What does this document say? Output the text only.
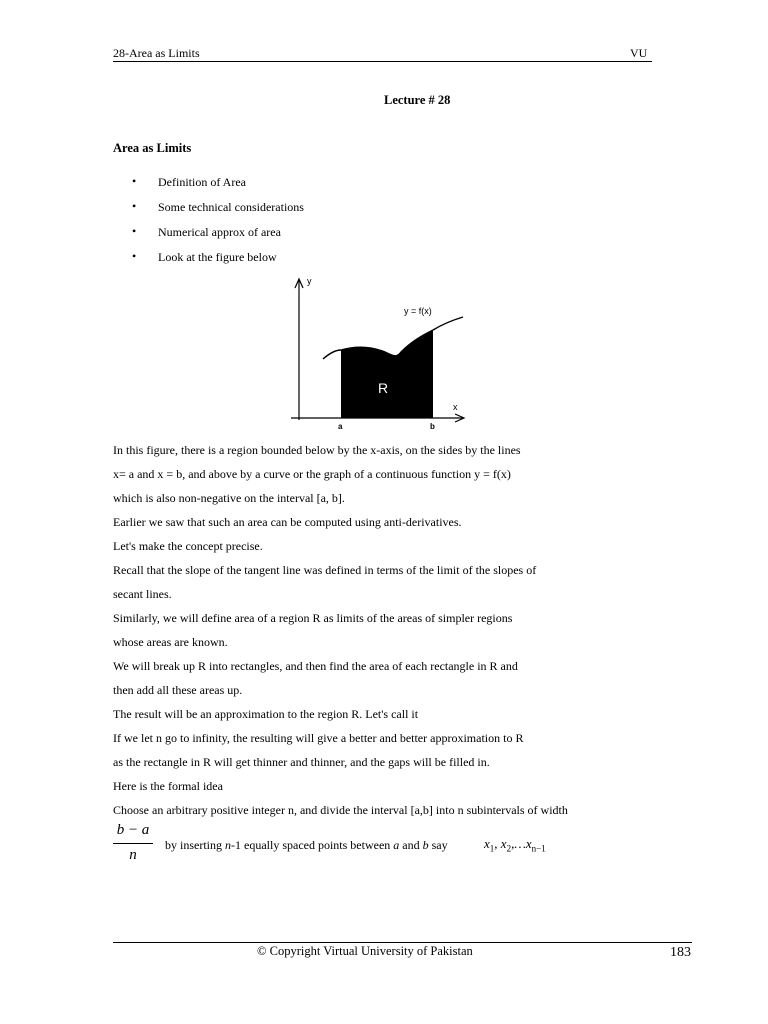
28-Area as Limits	VU
Lecture # 28
Area as Limits
• Definition of Area
• Some technical considerations
• Numerical approx of area
• Look at the figure below
y
x
y = f(x)
R
a	b
In this figure, there is a region bounded below by the x-axis, on the sides by the lines
x= a and x = b, and above by a curve or the graph of a continuous function y = f(x)
which is also non-negative on the interval [a, b].
Earlier we saw that such an area can be computed using anti-derivatives.
Let's make the concept precise.
Recall that the slope of the tangent line was defined in terms of the limit of the slopes of
secant lines.
Similarly, we will define area of a region R as limits of the areas of simpler regions
whose areas are known.
We will break up R into rectangles, and then find the area of each rectangle in R and
then add all these areas up.
The result will be an approximation to the region R. Let's call it
If we let n go to infinity, the resulting will give a better and better approximation to R
as the rectangle in R will get thinner and thinner, and the gaps will be filled in.
Here is the formal idea
Choose an arbitrary positive integer n, and divide the interval [a,b] into n subintervals of width
b − a
n
by inserting n-1 equally spaced points between a and b say	$x_1$, $x_2,\dots x_{n-1}$
© Copyright Virtual University of Pakistan	183
